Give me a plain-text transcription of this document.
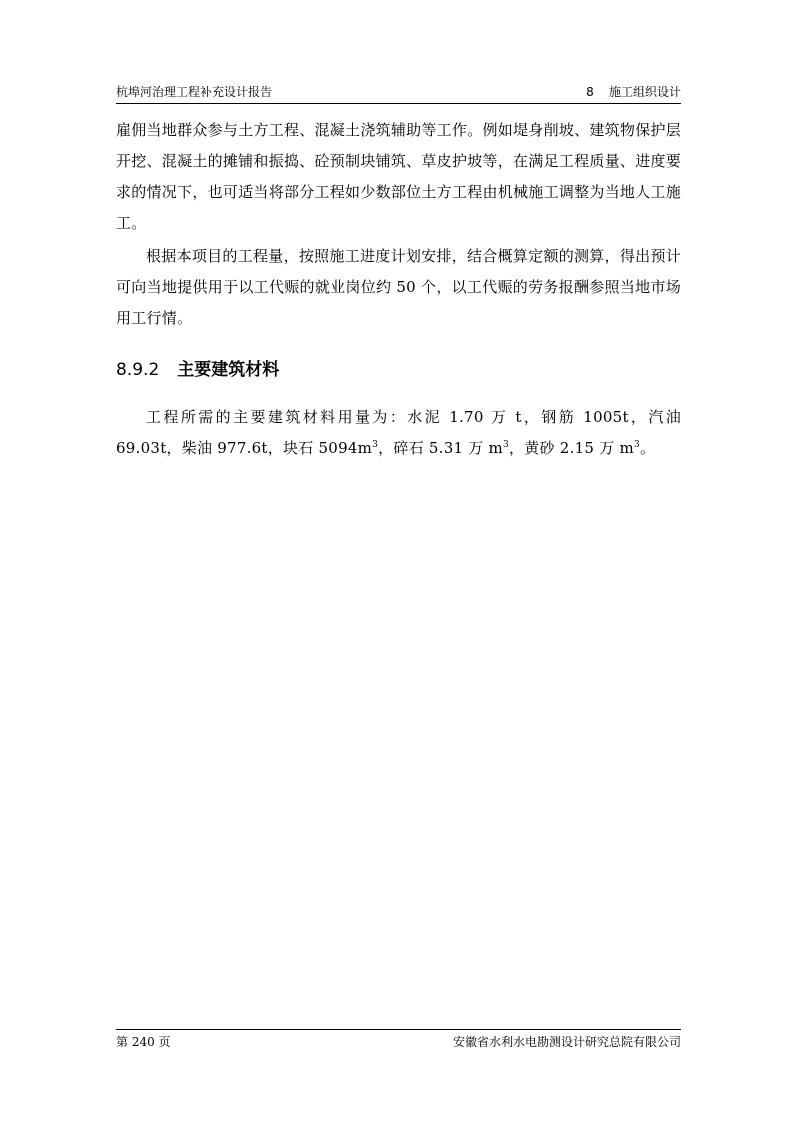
杭埠河治理工程补充设计报告	8    施工组织设计

雇佣当地群众参与土方工程、混凝土浇筑辅助等工作。例如堤身削坡、建筑物保护层开挖、混凝土的摊铺和振捣、砼预制块铺筑、草皮护坡等，在满足工程质量、进度要求的情况下，也可适当将部分工程如少数部位土方工程由机械施工调整为当地人工施工。

根据本项目的工程量，按照施工进度计划安排，结合概算定额的测算，得出预计可向当地提供用于以工代赈的就业岗位约 50 个，以工代赈的劳务报酬参照当地市场用工行情。

8.9.2 主要建筑材料

工程所需的主要建筑材料用量为：水泥 1.70 万 t，钢筋 1005t，汽油 69.03t，柴油 977.6t，块石 $5094m^3$，碎石 5.31 万 $m^3$，黄砂 2.15 万 $m^3$。

第 240 页	安徽省水利水电勘测设计研究总院有限公司
